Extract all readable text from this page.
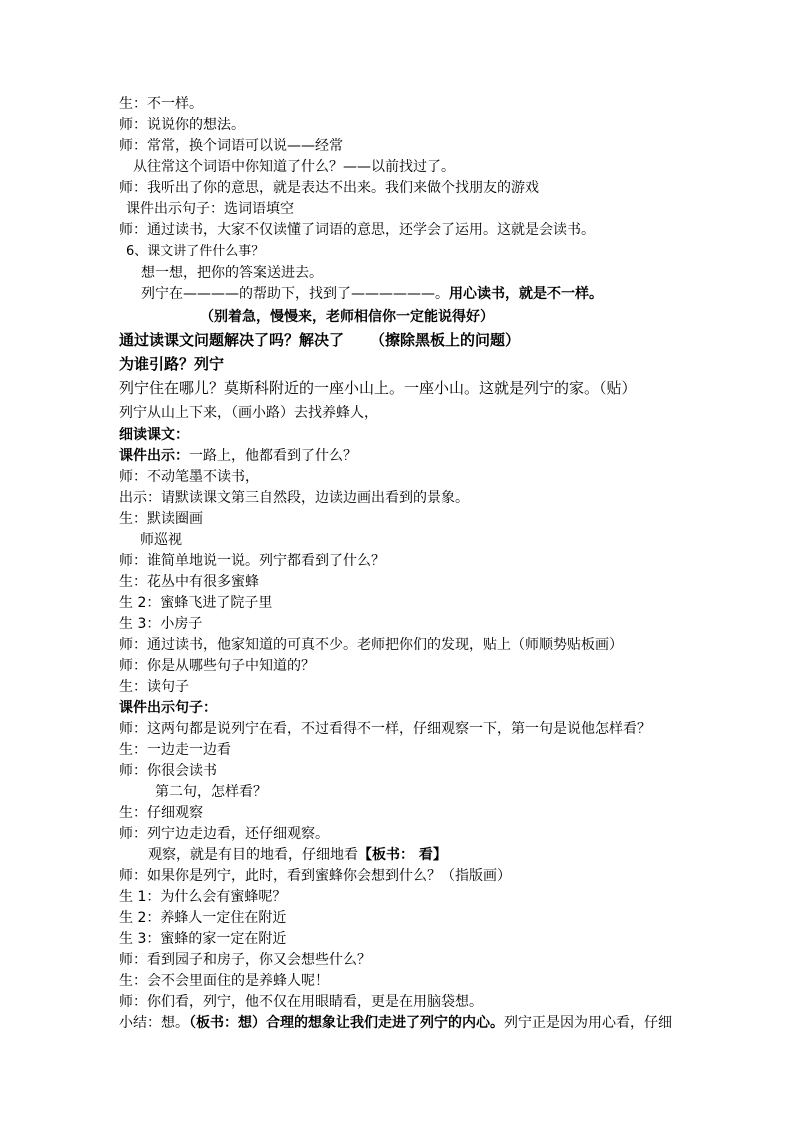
生：不一样。
师：说说你的想法。
师：常常，换个词语可以说——经常
从往常这个词语中你知道了什么？——以前找过了。
师：我听出了你的意思，就是表达不出来。我们来做个找朋友的游戏
课件出示句子：选词语填空
师：通过读书，大家不仅读懂了词语的意思，还学会了运用。这就是会读书。
6、课文讲了件什么事？
想一想，把你的答案送进去。
列宁在————的帮助下，找到了——————。用心读书，就是不一样。
（别着急，慢慢来，老师相信你一定能说得好）
通过读课文问题解决了吗？解决了 （擦除黑板上的问题）
为谁引路？列宁
列宁住在哪儿？莫斯科附近的一座小山上。一座小山。这就是列宁的家。（贴）
列宁从山上下来，（画小路）去找养蜂人，
细读课文：
课件出示：一路上，他都看到了什么？
师：不动笔墨不读书，
出示：请默读课文第三自然段，边读边画出看到的景象。
生：默读圈画
师巡视
师：谁简单地说一说。列宁都看到了什么？
生：花丛中有很多蜜蜂
生 2：蜜蜂飞进了院子里
生 3：小房子
师：通过读书，他家知道的可真不少。老师把你们的发现，贴上（师顺势贴板画）
师：你是从哪些句子中知道的？
生：读句子
课件出示句子：
师：这两句都是说列宁在看，不过看得不一样，仔细观察一下，第一句是说他怎样看？
生：一边走一边看
师：你很会读书
第二句，怎样看？
生：仔细观察
师：列宁边走边看，还仔细观察。
观察，就是有目的地看，仔细地看【板书： 看】
师：如果你是列宁，此时，看到蜜蜂你会想到什么？（指版画）
生 1：为什么会有蜜蜂呢？
生 2：养蜂人一定住在附近
生 3：蜜蜂的家一定在附近
师：看到园子和房子，你又会想些什么？
生：会不会里面住的是养蜂人呢！
师：你们看，列宁，他不仅在用眼睛看，更是在用脑袋想。
小结：想。（板书：想）合理的想象让我们走进了列宁的内心。列宁正是因为用心看，仔细
